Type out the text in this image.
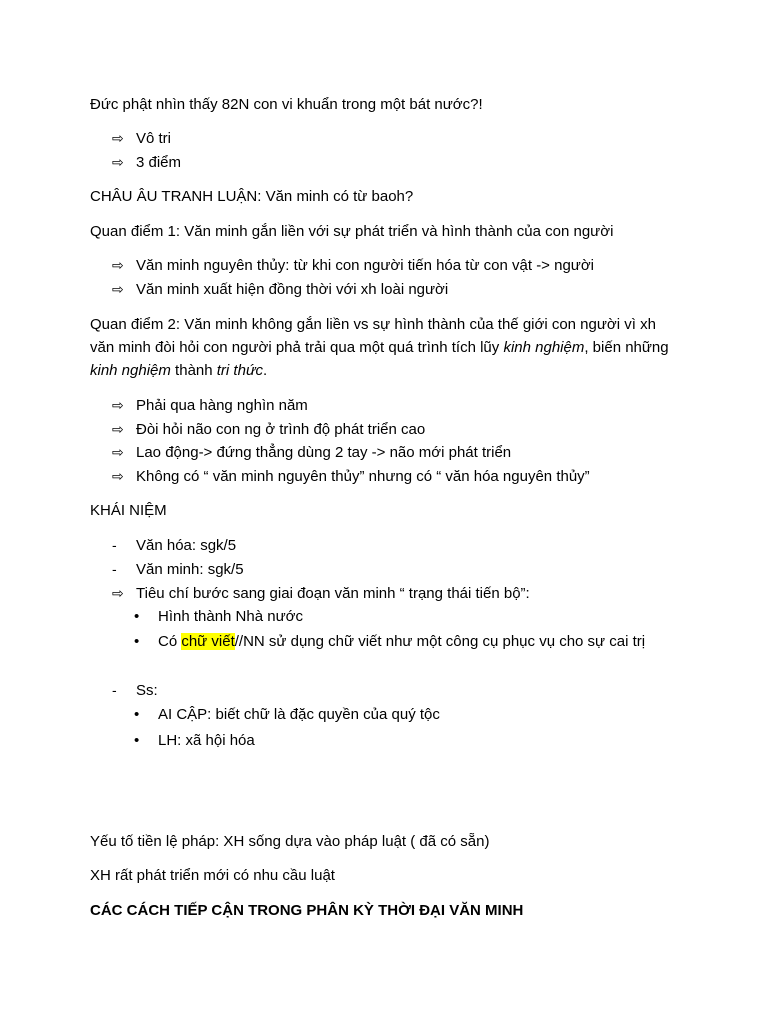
Đức phật nhìn thấy 82N con vi khuẩn trong một bát nước?!

⇨ Vô tri
⇨ 3 điểm

CHÂU ÂU TRANH LUẬN: Văn minh có từ baoh?

Quan điểm 1: Văn minh gắn liền với sự phát triển và hình thành của con người

⇨ Văn minh nguyên thủy: từ khi con người tiến hóa từ con vật -> người
⇨ Văn minh xuất hiện đồng thời với xh loài người

Quan điểm 2: Văn minh không gắn liền vs sự hình thành của thế giới con người vì xh văn minh đòi hỏi con người phả trải qua một quá trình tích lũy kinh nghiệm, biến những kinh nghiệm thành tri thức.

⇨ Phải qua hàng nghìn năm
⇨ Đòi hỏi não con ng ở trình độ phát triển cao
⇨ Lao động-> đứng thẳng dùng 2 tay -> não mới phát triển
⇨ Không có “ văn minh nguyên thủy” nhưng có “ văn hóa nguyên thủy”

KHÁI NIỆM

- Văn hóa: sgk/5
- Văn minh: sgk/5
⇨ Tiêu chí bước sang giai đoạn văn minh “ trạng thái tiến bộ”:
• Hình thành Nhà nước
•	Có chữ viết//NN sử dụng chữ viết như một công cụ phục vụ cho sự cai trị
- Ss:
• AI CẬP: biết chữ là đặc quyền của quý tộc
• LH: xã hội hóa

Yếu tố tiền lệ pháp: XH sống dựa vào pháp luật ( đã có sẵn)

XH rất phát triển mới có nhu cầu luật

CÁC CÁCH TIẾP CẬN TRONG PHÂN KỲ THỜI ĐẠI VĂN MINH
